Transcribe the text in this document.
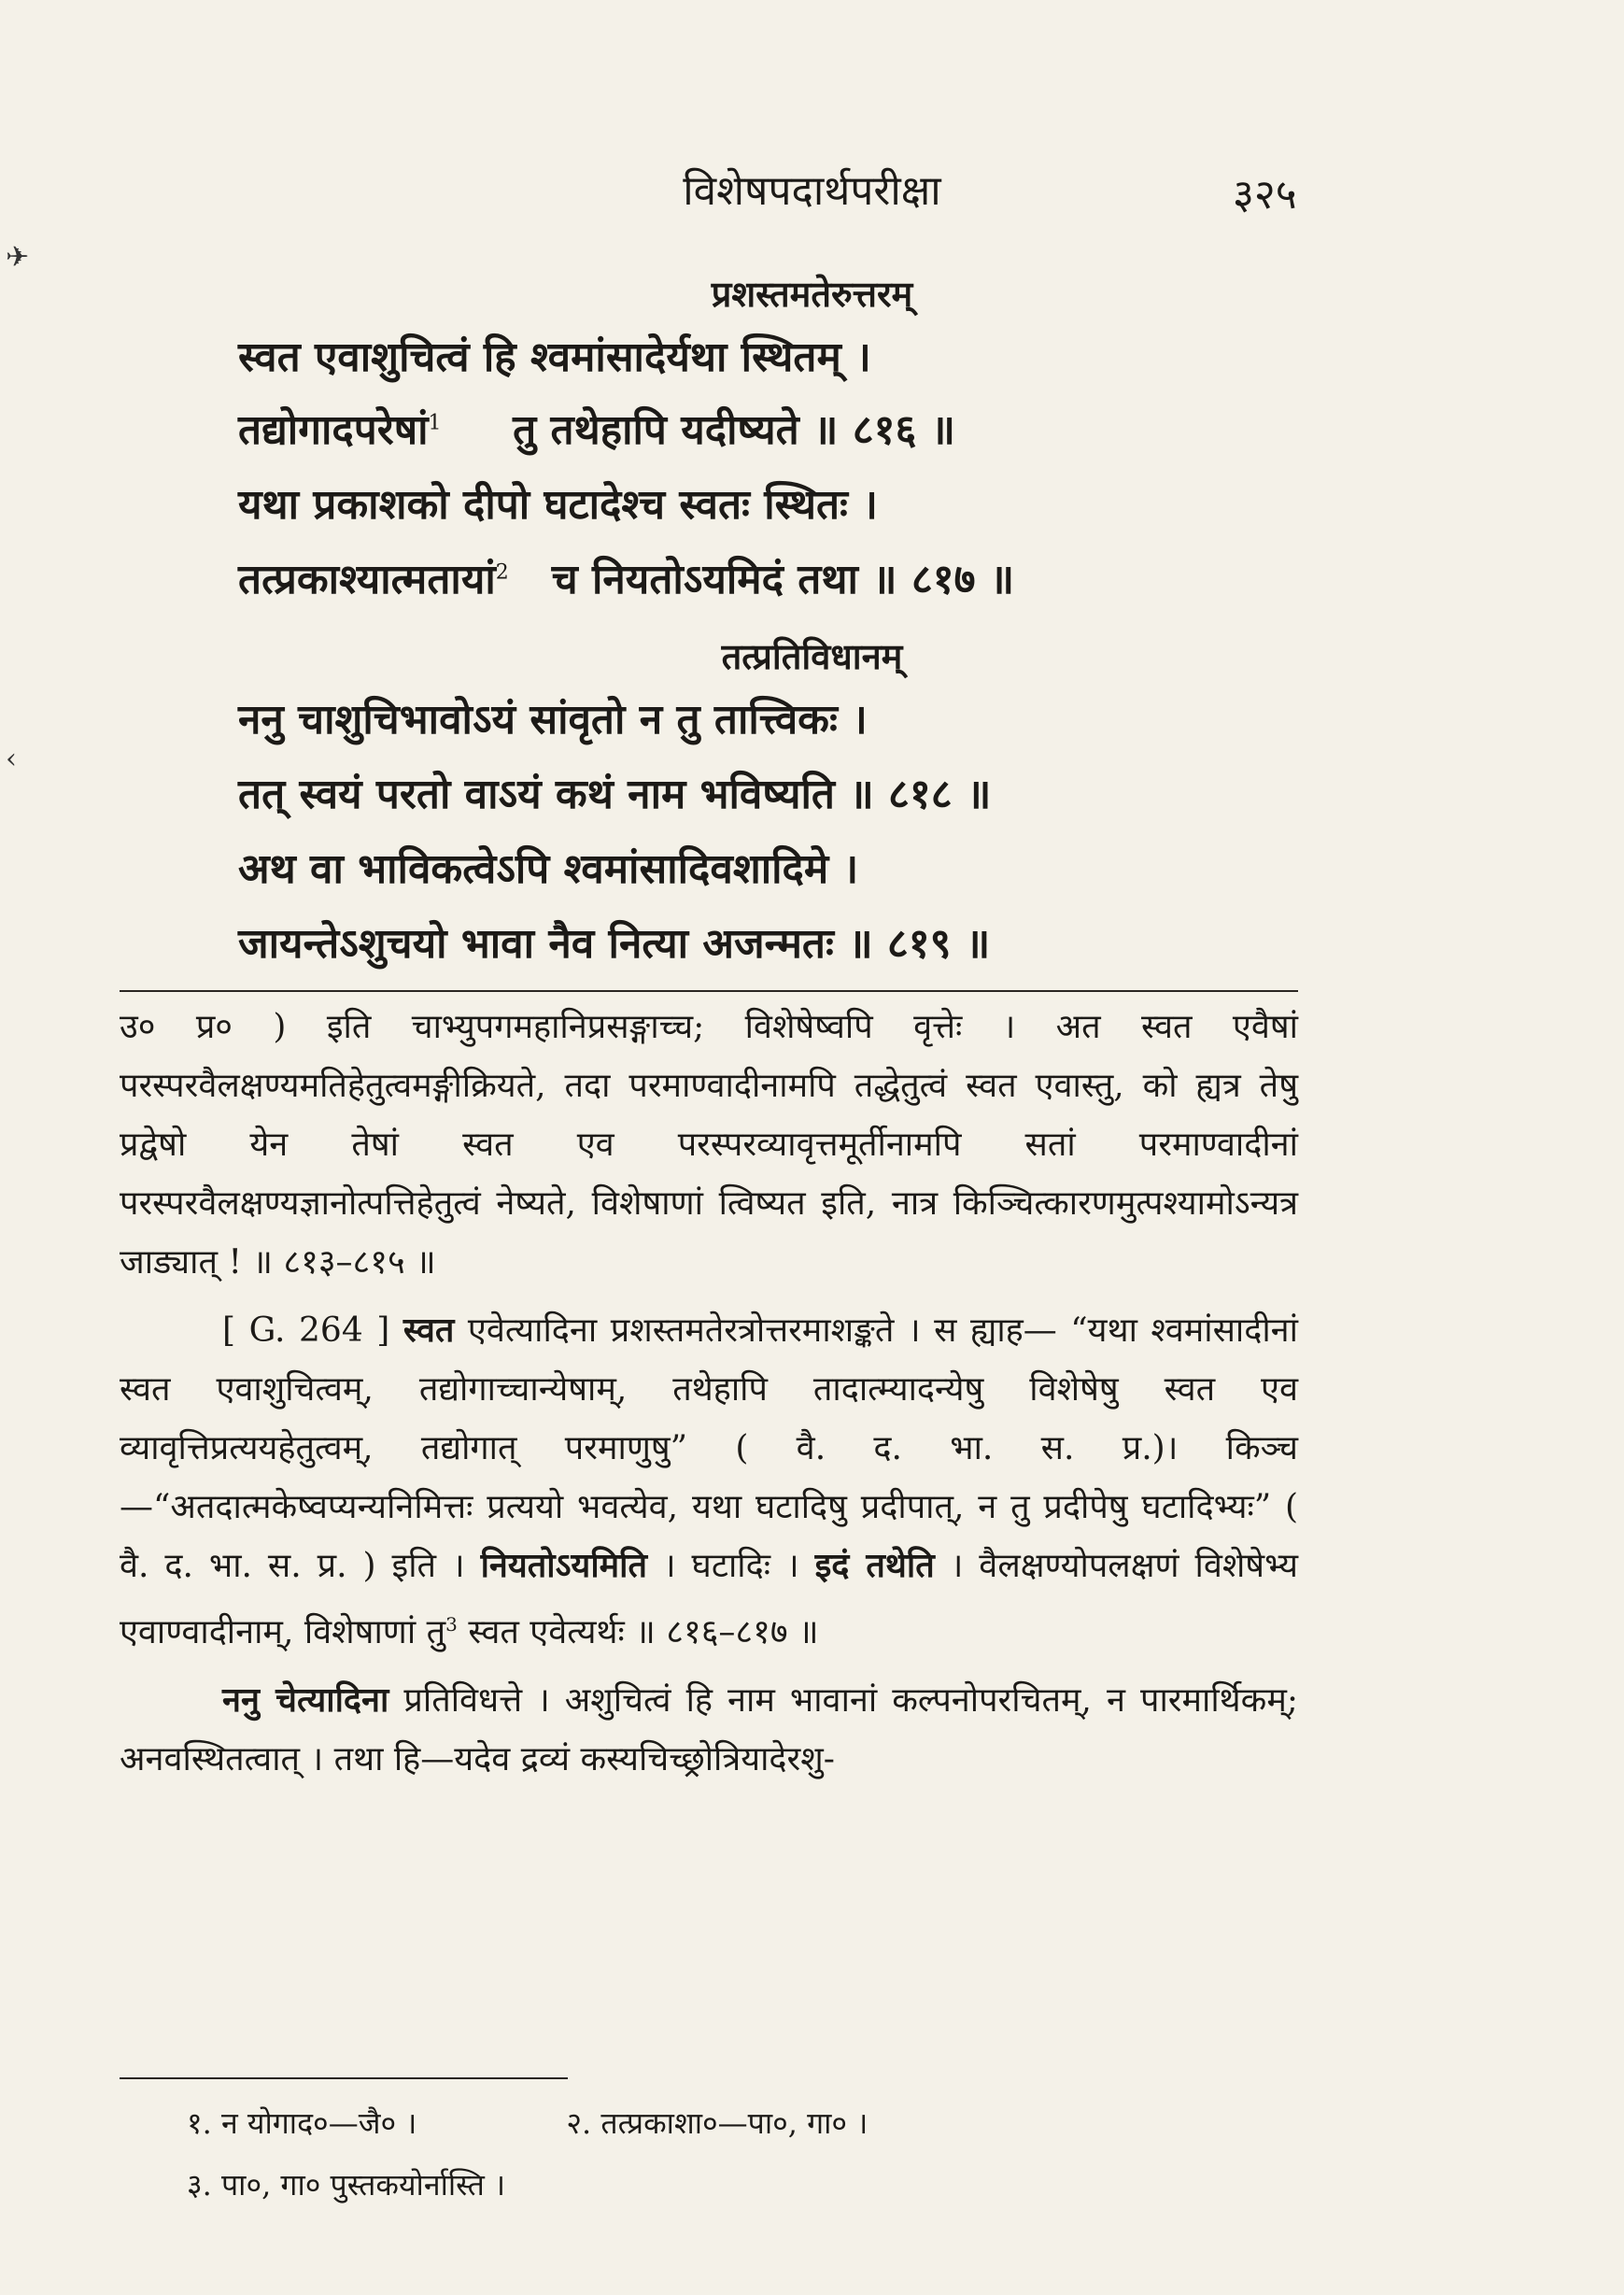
विशेषपदार्थपरीक्षा	३२५
✈
‹
प्रशस्तमतेरुत्तरम्
स्वत एवाशुचित्वं हि श्वमांसादेर्यथा स्थितम् ।
तद्योगादपरेषां$^1$ तु तथेहापि यदीष्यते ॥ ८१६ ॥
यथा प्रकाशको दीपो घटादेश्च स्वतः स्थितः ।
तत्प्रकाश्यात्मतायां$^2$ च नियतोऽयमिदं तथा ॥ ८१७ ॥
तत्प्रतिविधानम्
ननु चाशुचिभावोऽयं सांवृतो न तु तात्त्विकः ।
तत् स्वयं परतो वाऽयं कथं नाम भविष्यति ॥ ८१८ ॥
अथ वा भाविकत्वेऽपि श्वमांसादिवशादिमे ।
जायन्तेऽशुचयो भावा नैव नित्या अजन्मतः ॥ ८१९ ॥

उ० प्र० ) इति चाभ्युपगमहानिप्रसङ्गाच्च; विशेषेष्वपि वृत्तेः । अत स्वत एवैषां परस्परवैलक्षण्यमतिहेतुत्वमङ्गीक्रियते, तदा परमाण्वादीनामपि तद्धेतुत्वं स्वत एवास्तु, को ह्यत्र तेषु प्रद्वेषो येन तेषां स्वत एव परस्परव्यावृत्तमूर्तीनामपि सतां परमाण्वादीनां परस्परवैलक्षण्यज्ञानोत्पत्तिहेतुत्वं नेष्यते, विशेषाणां त्विष्यत इति, नात्र किञ्चित्कारणमुत्पश्यामोऽन्यत्र जाड्यात् ! ॥ ८१३–८१५ ॥

[ G. 264 ] स्वत एवेत्यादिना प्रशस्तमतेरत्रोत्तरमाशङ्कते । स ह्याह— “यथा श्वमांसादीनां स्वत एवाशुचित्वम्, तद्योगाच्चान्येषाम्, तथेहापि तादात्म्यादन्येषु विशेषेषु स्वत एव व्यावृत्तिप्रत्ययहेतुत्वम्, तद्योगात् परमाणुषु” ( वै. द. भा. स. प्र.)। किञ्च—“अतदात्मकेष्वप्यन्यनिमित्तः प्रत्ययो भवत्येव, यथा घटादिषु प्रदीपात्, न तु प्रदीपेषु घटादिभ्यः” ( वै. द. भा. स. प्र. ) इति । नियतोऽयमिति । घटादिः । इदं तथेति । वैलक्षण्योपलक्षणं विशेषेभ्य एवाण्वादीनाम्, विशेषाणां तु$^3$ स्वत एवेत्यर्थः ॥ ८१६–८१७ ॥

ननु चेत्यादिना प्रतिविधत्ते । अशुचित्वं हि नाम भावानां कल्पनोपरचितम्, न पारमार्थिकम्; अनवस्थितत्वात् । तथा हि—यदेव द्रव्यं कस्यचिच्छ्रोत्रियादेरशु-

१. न योगाद०—जै० ।	२. तत्प्रकाशा०—पा०, गा० ।
३. पा०, गा० पुस्तकयोर्नास्ति ।
